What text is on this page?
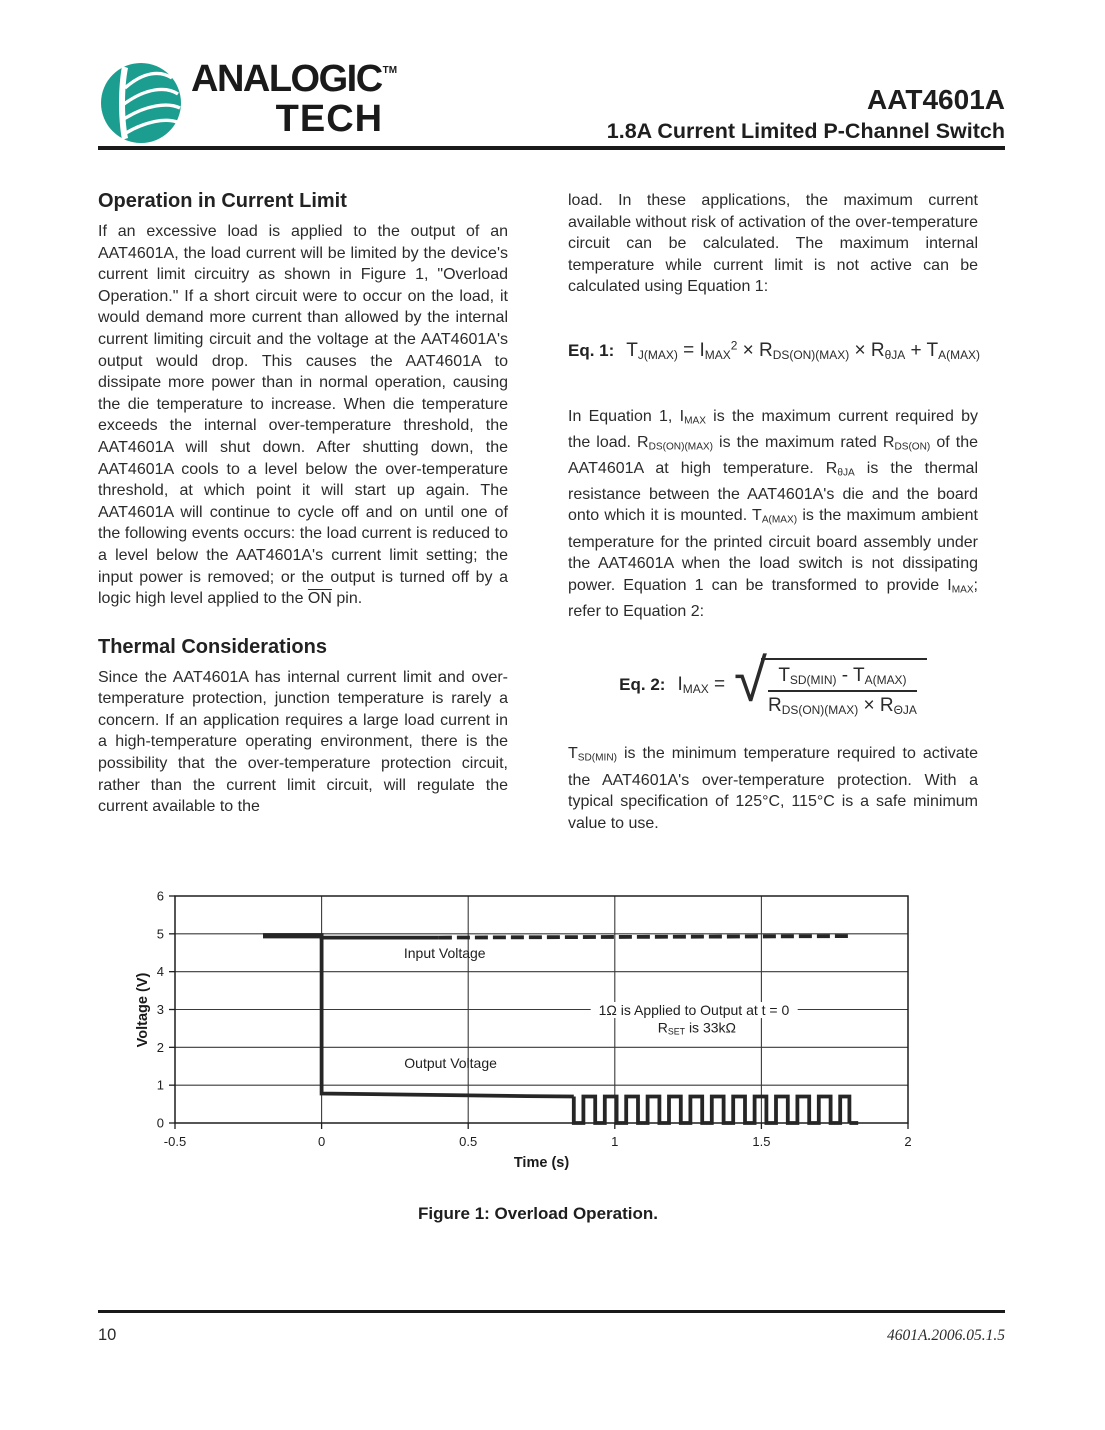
ANALOGIC™
TECH	AAT4601A
1.8A Current Limited P-Channel Switch
Operation in Current Limit

If an excessive load is applied to the output of an AAT4601A, the load current will be limited by the device's current limit circuitry as shown in Figure 1, "Overload Operation." If a short circuit were to occur on the load, it would demand more current than allowed by the internal current limiting circuit and the voltage at the AAT4601A's output would drop. This causes the AAT4601A to dissipate more power than in normal operation, causing the die temperature to increase. When die temperature exceeds the internal over-temperature threshold, the AAT4601A will shut down. After shutting down, the AAT4601A cools to a level below the over-temperature threshold, at which point it will start up again. The AAT4601A will continue to cycle off and on until one of the following events occurs: the load current is reduced to a level below the AAT4601A's current limit setting; the input power is removed; or the output is turned off by a logic high level applied to the $\overline{ON}$ pin.

Thermal Considerations

Since the AAT4601A has internal current limit and over-temperature protection, junction temperature is rarely a concern. If an application requires a large load current in a high-temperature operating environment, there is the possibility that the over-temperature protection circuit, rather than the current limit circuit, will regulate the current available to the

load. In these applications, the maximum current available without risk of activation of the over-temperature circuit can be calculated. The maximum internal temperature while current limit is not active can be calculated using Equation 1:

Eq. 1: $T_{J(MAX)} = I_{MAX}^2 \times R_{DS(ON)(MAX)} \times R_{\theta JA} + T_{A(MAX)}$

In Equation 1, $I_{MAX}$ is the maximum current required by the load. $R_{DS(ON)(MAX)}$ is the maximum rated $R_{DS(ON)}$ of the AAT4601A at high temperature. $R_{\theta JA}$ is the thermal resistance between the AAT4601A's die and the board onto which it is mounted. $T_{A(MAX)}$ is the maximum ambient temperature for the printed circuit board assembly under the AAT4601A when the load switch is not dissipating power. Equation 1 can be transformed to provide $I_{MAX}$; refer to Equation 2:

Eq. 2: $I_{MAX}$ = √ $\frac{T_{SD(MIN)} - T_{A(MAX)}}{R_{DS(ON)(MAX)} \times R_{\Theta JA}}$

$T_{SD(MIN)}$ is the minimum temperature required to activate the AAT4601A's over-temperature protection. With a typical specification of 125°C, 115°C is a safe minimum value to use.

0
1
2
3
4
5
6
-0.5	0	0.5	1	1.5	2
Input Voltage
Output Voltage
1Ω is Applied to Output at t = 0
$R_{SET}$ is 33kΩ
Voltage (V)
Time (s)
Figure 1: Overload Operation.
10	4601A.2006.05.1.5
